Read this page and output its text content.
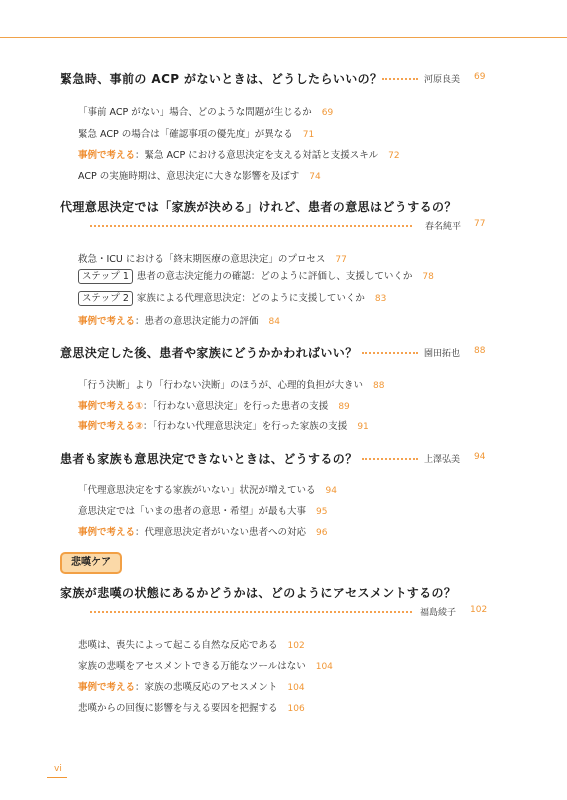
緊急時、事前の ACP がないときは、どうしたらいいの？	河原良美 69
「事前 ACP がない」場合、どのような問題が生じるか 69
緊急 ACP の場合は「確認事項の優先度」が異なる 71
事例で考える：緊急 ACP における意思決定を支える対話と支援スキル 72
ACP の実施時期は、意思決定に大きな影響を及ぼす 74
代理意思決定では「家族が決める」けれど、患者の意思はどうするの？
春名純平 77
救急・ICU における「終末期医療の意思決定」のプロセス 77
ステップ 1 患者の意志決定能力の確認：どのように評価し、支援していくか 78
ステップ 2 家族による代理意思決定：どのように支援していくか 83
事例で考える：患者の意思決定能力の評価 84
意思決定した後、患者や家族にどうかかわればいい？	園田拓也 88
「行う決断」より「行わない決断」のほうが、心理的負担が大きい 88
事例で考える①：「行わない意思決定」を行った患者の支援 89
事例で考える②：「行わない代理意思決定」を行った家族の支援 91
患者も家族も意思決定できないときは、どうするの？	上澤弘美 94
「代理意思決定をする家族がいない」状況が増えている 94
意思決定では「いまの患者の意思・希望」が最も大事 95
事例で考える：代理意思決定者がいない患者への対応 96
悲嘆ケア
家族が悲嘆の状態にあるかどうかは、どのようにアセスメントするの？
福島綾子 102
悲嘆は、喪失によって起こる自然な反応である 102
家族の悲嘆をアセスメントできる万能なツールはない 104
事例で考える：家族の悲嘆反応のアセスメント 104
悲嘆からの回復に影響を与える要因を把握する 106
vi
